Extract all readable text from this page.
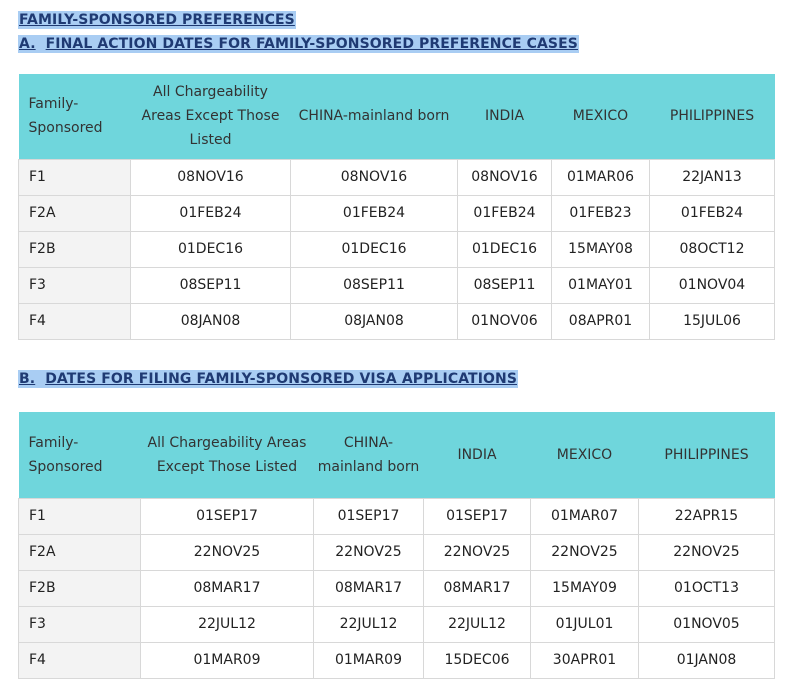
FAMILY-SPONSORED PREFERENCES
A. FINAL ACTION DATES FOR FAMILY-SPONSORED PREFERENCE CASES
Family-Sponsored	All Chargeability Areas Except Those Listed	CHINA-mainland born	INDIA	MEXICO	PHILIPPINES
F1	08NOV16	08NOV16	08NOV16	01MAR06	22JAN13
F2A	01FEB24	01FEB24	01FEB24	01FEB23	01FEB24
F2B	01DEC16	01DEC16	01DEC16	15MAY08	08OCT12
F3	08SEP11	08SEP11	08SEP11	01MAY01	01NOV04
F4	08JAN08	08JAN08	01NOV06	08APR01	15JUL06
B. DATES FOR FILING FAMILY-SPONSORED VISA APPLICATIONS
Family-Sponsored	All Chargeability Areas Except Those Listed	CHINA-mainland born	INDIA	MEXICO	PHILIPPINES
F1	01SEP17	01SEP17	01SEP17	01MAR07	22APR15
F2A	22NOV25	22NOV25	22NOV25	22NOV25	22NOV25
F2B	08MAR17	08MAR17	08MAR17	15MAY09	01OCT13
F3	22JUL12	22JUL12	22JUL12	01JUL01	01NOV05
F4	01MAR09	01MAR09	15DEC06	30APR01	01JAN08
